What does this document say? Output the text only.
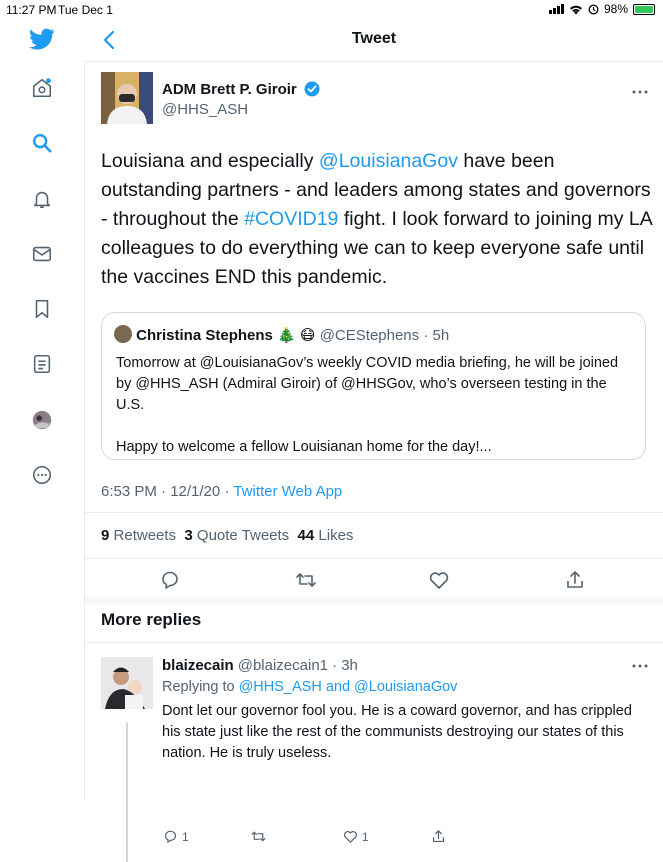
11:27 PM Tue Dec 1	98%
Tweet
ADM Brett P. Giroir
@HHS_ASH
Louisiana and especially @LouisianaGov have been outstanding partners - and leaders among states and governors - throughout the #COVID19 fight. I look forward to joining my LA colleagues to do everything we can to keep everyone safe until the vaccines END this pandemic.
Christina Stephens 🎄 😷 @CEStephens · 5h
Tomorrow at @LouisianaGov’s weekly COVID media briefing, he will be joined by @HHS_ASH (Admiral Giroir) of @HHSGov, who’s overseen testing in the U.S.
Happy to welcome a fellow Louisianan home for the day!...
6:53 PM · 12/1/20 · Twitter Web App
9 Retweets 3 Quote Tweets 44 Likes
More replies
blaizecain @blaizecain1 · 3h
Replying to @HHS_ASH and @LouisianaGov
Dont let our governor fool you. He is a coward governor, and has crippled his state just like the rest of the communists destroying our states of this nation. He is truly useless.
1	1
